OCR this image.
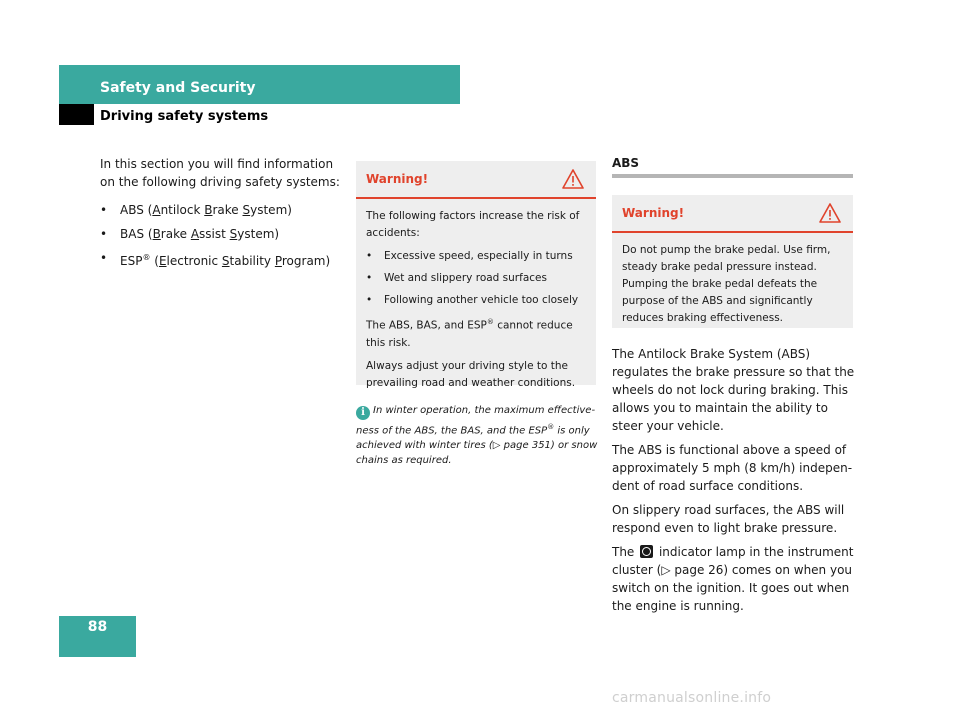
Safety and Security
Driving safety systems

In this section you will find information on the following driving safety systems:

• ABS (Antilock Brake System)
• BAS (Brake Assist System)
• ESP® (Electronic Stability Program)
Warning!

The following factors increase the risk of accidents:

• Excessive speed, especially in turns
• Wet and slippery road surfaces
• Following another vehicle too closely

The ABS, BAS, and ESP® cannot reduce this risk.

Always adjust your driving style to the prevailing road and weather conditions.

i In winter operation, the maximum effectiveness of the ABS, the BAS, and the ESP® is only achieved with winter tires (▷ page 351) or snow chains as required.
ABS
Warning!

Do not pump the brake pedal. Use firm, steady brake pedal pressure instead. Pumping the brake pedal defeats the purpose of the ABS and significantly reduces braking effectiveness.

The Antilock Brake System (ABS) regulates the brake pressure so that the wheels do not lock during braking. This allows you to maintain the ability to steer your vehicle.

The ABS is functional above a speed of approximately 5 mph (8 km/h) independent of road surface conditions.

On slippery road surfaces, the ABS will respond even to light brake pressure.

The  indicator lamp in the instrument cluster (▷ page 26) comes on when you switch on the ignition. It goes out when the engine is running.

88
carmanualsonline.info
